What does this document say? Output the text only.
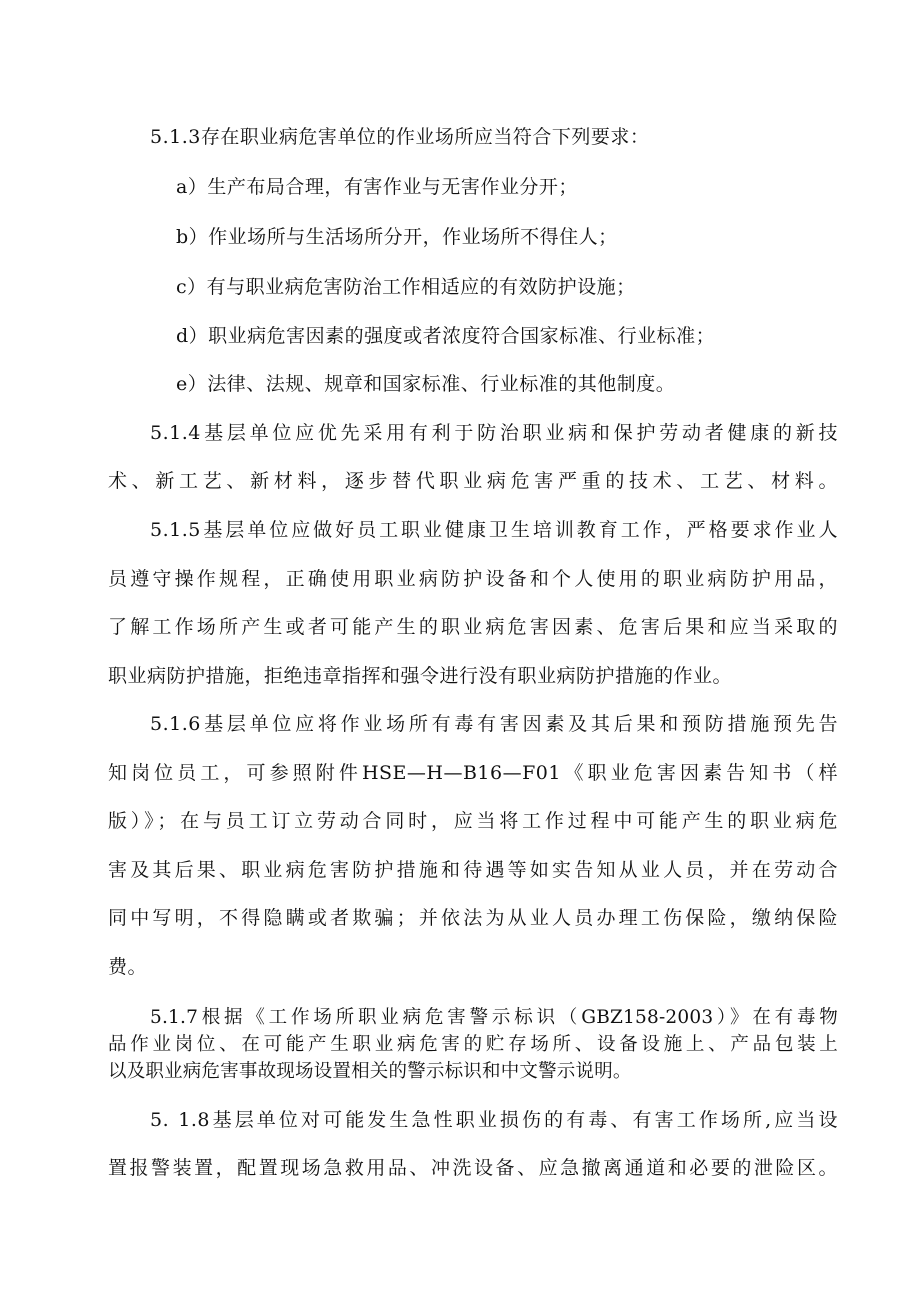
5.1.3存在职业病危害单位的作业场所应当符合下列要求：
a）生产布局合理，有害作业与无害作业分开；
b）作业场所与生活场所分开，作业场所不得住人；
c）有与职业病危害防治工作相适应的有效防护设施；
d）职业病危害因素的强度或者浓度符合国家标准、行业标准；
e）法律、法规、规章和国家标准、行业标准的其他制度。
5.1.4基层单位应优先采用有利于防治职业病和保护劳动者健康的新技
术、新工艺、新材料，逐步替代职业病危害严重的技术、工艺、材料。
5.1.5基层单位应做好员工职业健康卫生培训教育工作，严格要求作业人
员遵守操作规程，正确使用职业病防护设备和个人使用的职业病防护用品，
了解工作场所产生或者可能产生的职业病危害因素、危害后果和应当采取的
职业病防护措施，拒绝违章指挥和强令进行没有职业病防护措施的作业。
5.1.6基层单位应将作业场所有毒有害因素及其后果和预防措施预先告
知岗位员工，可参照附件HSE—H—B16—F01《职业危害因素告知书（样
版）》；在与员工订立劳动合同时，应当将工作过程中可能产生的职业病危
害及其后果、职业病危害防护措施和待遇等如实告知从业人员，并在劳动合
同中写明，不得隐瞒或者欺骗；并依法为从业人员办理工伤保险，缴纳保险
费。
5.1.7根据《工作场所职业病危害警示标识（GBZ158-2003）》在有毒物
品作业岗位、在可能产生职业病危害的贮存场所、设备设施上、产品包装上
以及职业病危害事故现场设置相关的警示标识和中文警示说明。
5. 1.8基层单位对可能发生急性职业损伤的有毒、有害工作场所,应当设
置报警装置，配置现场急救用品、冲洗设备、应急撤离通道和必要的泄险区。
